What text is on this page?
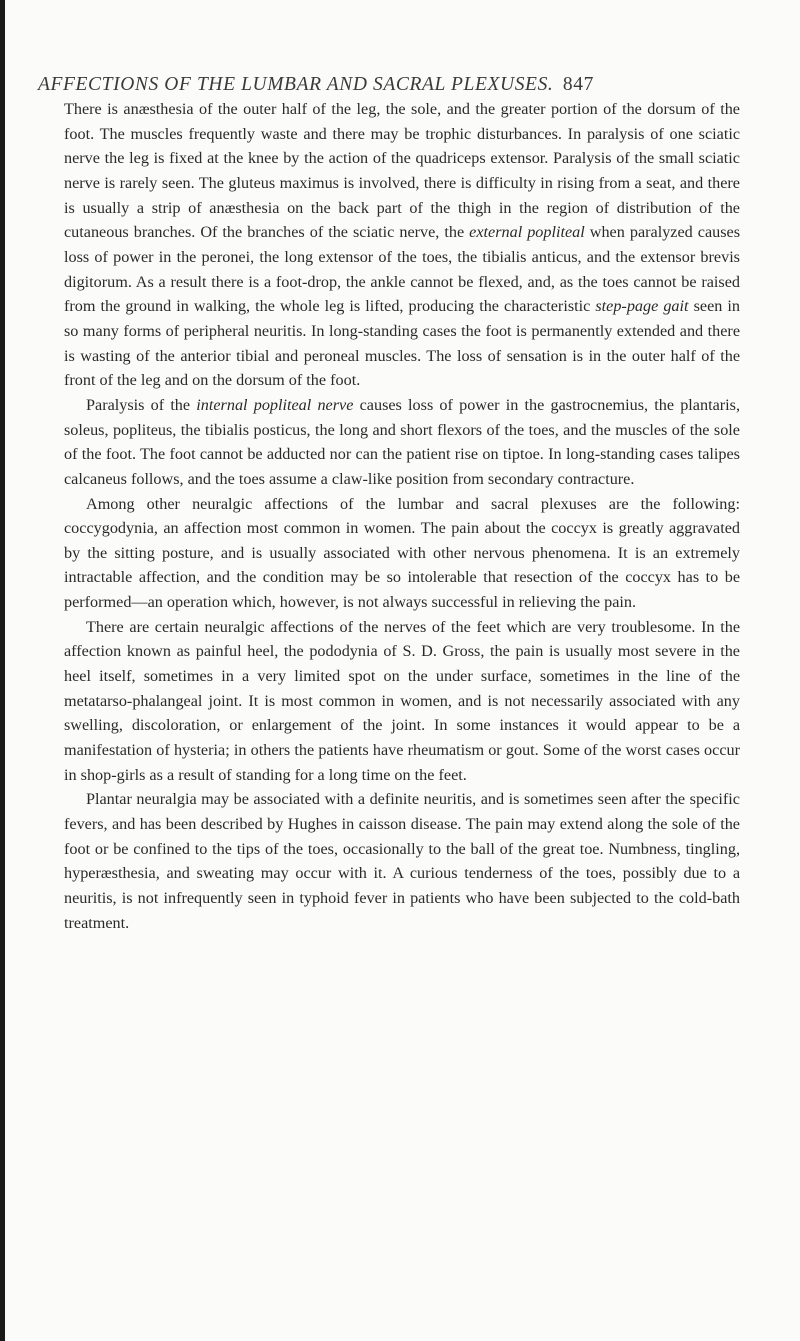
AFFECTIONS OF THE LUMBAR AND SACRAL PLEXUSES. 847

There is anæsthesia of the outer half of the leg, the sole, and the greater portion of the dorsum of the foot. The muscles frequently waste and there may be trophic disturbances. In paralysis of one sciatic nerve the leg is fixed at the knee by the action of the quadriceps extensor. Paralysis of the small sciatic nerve is rarely seen. The gluteus maximus is involved, there is difficulty in rising from a seat, and there is usually a strip of anæsthesia on the back part of the thigh in the region of distribution of the cutaneous branches. Of the branches of the sciatic nerve, the external popliteal when paralyzed causes loss of power in the peronei, the long extensor of the toes, the tibialis anticus, and the extensor brevis digitorum. As a result there is a foot-drop, the ankle cannot be flexed, and, as the toes cannot be raised from the ground in walking, the whole leg is lifted, producing the characteristic step-page gait seen in so many forms of peripheral neuritis. In long-standing cases the foot is permanently extended and there is wasting of the anterior tibial and peroneal muscles. The loss of sensation is in the outer half of the front of the leg and on the dorsum of the foot.

Paralysis of the internal popliteal nerve causes loss of power in the gastrocnemius, the plantaris, soleus, popliteus, the tibialis posticus, the long and short flexors of the toes, and the muscles of the sole of the foot. The foot cannot be adducted nor can the patient rise on tiptoe. In long-standing cases talipes calcaneus follows, and the toes assume a claw-like position from secondary contracture.

Among other neuralgic affections of the lumbar and sacral plexuses are the following: coccygodynia, an affection most common in women. The pain about the coccyx is greatly aggravated by the sitting posture, and is usually associated with other nervous phenomena. It is an extremely intractable affection, and the condition may be so intolerable that resection of the coccyx has to be performed—an operation which, however, is not always successful in relieving the pain.

There are certain neuralgic affections of the nerves of the feet which are very troublesome. In the affection known as painful heel, the pododynia of S. D. Gross, the pain is usually most severe in the heel itself, sometimes in a very limited spot on the under surface, sometimes in the line of the metatarso-phalangeal joint. It is most common in women, and is not necessarily associated with any swelling, discoloration, or enlargement of the joint. In some instances it would appear to be a manifestation of hysteria; in others the patients have rheumatism or gout. Some of the worst cases occur in shop-girls as a result of standing for a long time on the feet.

Plantar neuralgia may be associated with a definite neuritis, and is sometimes seen after the specific fevers, and has been described by Hughes in caisson disease. The pain may extend along the sole of the foot or be confined to the tips of the toes, occasionally to the ball of the great toe. Numbness, tingling, hyperæsthesia, and sweating may occur with it. A curious tenderness of the toes, possibly due to a neuritis, is not infrequently seen in typhoid fever in patients who have been subjected to the cold-bath treatment.
